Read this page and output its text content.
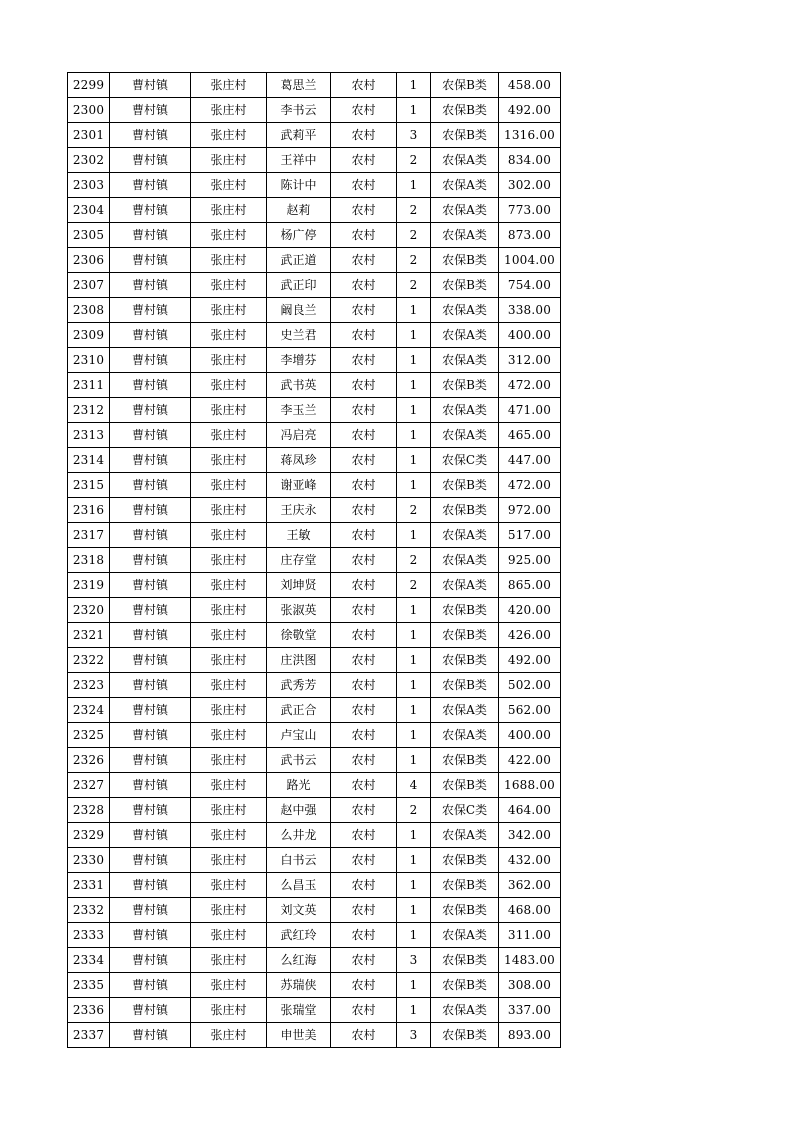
2299	曹村镇	张庄村	葛思兰	农村	1	农保B类	458.00
2300	曹村镇	张庄村	李书云	农村	1	农保B类	492.00
2301	曹村镇	张庄村	武莉平	农村	3	农保B类	1316.00
2302	曹村镇	张庄村	王祥中	农村	2	农保A类	834.00
2303	曹村镇	张庄村	陈计中	农村	1	农保A类	302.00
2304	曹村镇	张庄村	赵莉	农村	2	农保A类	773.00
2305	曹村镇	张庄村	杨广停	农村	2	农保A类	873.00
2306	曹村镇	张庄村	武正道	农村	2	农保B类	1004.00
2307	曹村镇	张庄村	武正印	农村	2	农保B类	754.00
2308	曹村镇	张庄村	阚良兰	农村	1	农保A类	338.00
2309	曹村镇	张庄村	史兰君	农村	1	农保A类	400.00
2310	曹村镇	张庄村	李增芬	农村	1	农保A类	312.00
2311	曹村镇	张庄村	武书英	农村	1	农保B类	472.00
2312	曹村镇	张庄村	李玉兰	农村	1	农保A类	471.00
2313	曹村镇	张庄村	冯启亮	农村	1	农保A类	465.00
2314	曹村镇	张庄村	蒋凤珍	农村	1	农保C类	447.00
2315	曹村镇	张庄村	谢亚峰	农村	1	农保B类	472.00
2316	曹村镇	张庄村	王庆永	农村	2	农保B类	972.00
2317	曹村镇	张庄村	王敏	农村	1	农保A类	517.00
2318	曹村镇	张庄村	庄存堂	农村	2	农保A类	925.00
2319	曹村镇	张庄村	刘坤贤	农村	2	农保A类	865.00
2320	曹村镇	张庄村	张淑英	农村	1	农保B类	420.00
2321	曹村镇	张庄村	徐敬堂	农村	1	农保B类	426.00
2322	曹村镇	张庄村	庄洪图	农村	1	农保B类	492.00
2323	曹村镇	张庄村	武秀芳	农村	1	农保B类	502.00
2324	曹村镇	张庄村	武正合	农村	1	农保A类	562.00
2325	曹村镇	张庄村	卢宝山	农村	1	农保A类	400.00
2326	曹村镇	张庄村	武书云	农村	1	农保B类	422.00
2327	曹村镇	张庄村	路光	农村	4	农保B类	1688.00
2328	曹村镇	张庄村	赵中强	农村	2	农保C类	464.00
2329	曹村镇	张庄村	么井龙	农村	1	农保A类	342.00
2330	曹村镇	张庄村	白书云	农村	1	农保B类	432.00
2331	曹村镇	张庄村	么昌玉	农村	1	农保B类	362.00
2332	曹村镇	张庄村	刘文英	农村	1	农保B类	468.00
2333	曹村镇	张庄村	武红玲	农村	1	农保A类	311.00
2334	曹村镇	张庄村	么红海	农村	3	农保B类	1483.00
2335	曹村镇	张庄村	苏瑞侠	农村	1	农保B类	308.00
2336	曹村镇	张庄村	张瑞堂	农村	1	农保A类	337.00
2337	曹村镇	张庄村	申世美	农村	3	农保B类	893.00
